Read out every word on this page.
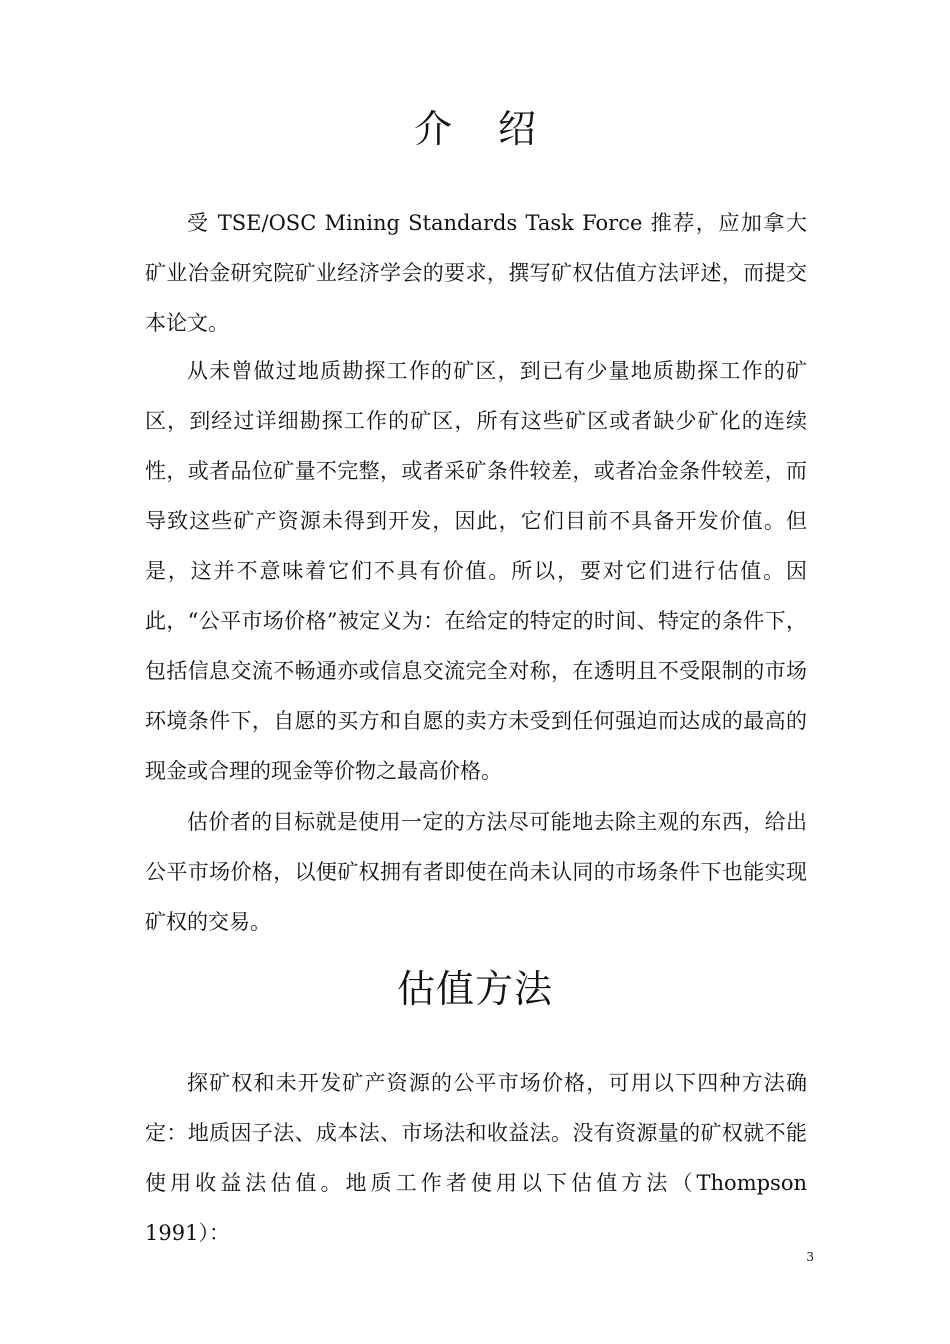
介绍

受 TSE/OSC Mining Standards Task Force 推荐，应加拿大矿业冶金研究院矿业经济学会的要求，撰写矿权估值方法评述，而提交本论文。

从未曾做过地质勘探工作的矿区，到已有少量地质勘探工作的矿区，到经过详细勘探工作的矿区，所有这些矿区或者缺少矿化的连续性，或者品位矿量不完整，或者采矿条件较差，或者冶金条件较差，而导致这些矿产资源未得到开发，因此，它们目前不具备开发价值。但是，这并不意味着它们不具有价值。所以，要对它们进行估值。因此，“公平市场价格”被定义为：在给定的特定的时间、特定的条件下，包括信息交流不畅通亦或信息交流完全对称，在透明且不受限制的市场环境条件下，自愿的买方和自愿的卖方未受到任何强迫而达成的最高的现金或合理的现金等价物之最高价格。

估价者的目标就是使用一定的方法尽可能地去除主观的东西，给出公平市场价格，以便矿权拥有者即使在尚未认同的市场条件下也能实现矿权的交易。

估值方法

探矿权和未开发矿产资源的公平市场价格，可用以下四种方法确定：地质因子法、成本法、市场法和收益法。没有资源量的矿权就不能使用收益法估值。地质工作者使用以下估值方法（Thompson 1991）：

3
